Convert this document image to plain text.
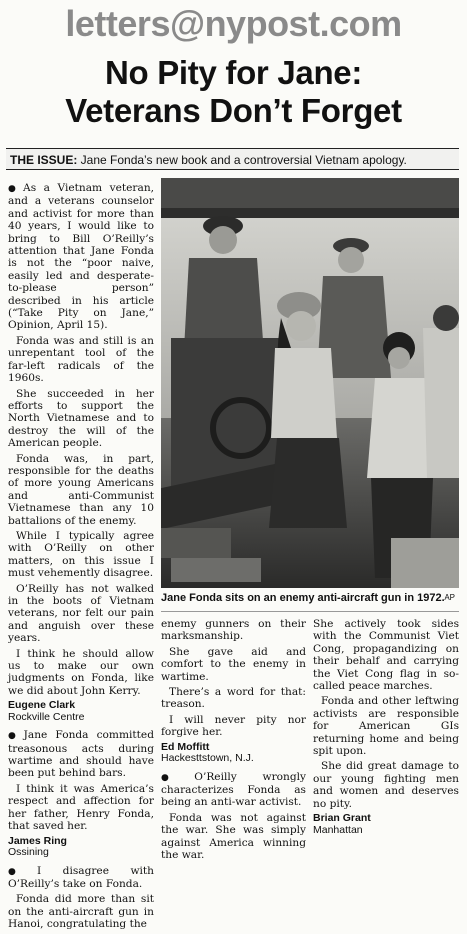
letters@nypost.com
No Pity for Jane:
Veterans Don’t Forget
THE ISSUE: Jane Fonda’s new book and a controversial Vietnam apology.

● As a Vietnam veteran, and a veterans counselor and activist for more than 40 years, I would like to bring to Bill O’Reilly’s attention that Jane Fonda is not the “poor naive, easily led and desperate-to-please person” described in his article (“Take Pity on Jane,” Opinion, April 15).

Fonda was and still is an unrepentant tool of the far-left radicals of the 1960s.

She succeeded in her efforts to support the North Vietnamese and to destroy the will of the American people.

Fonda was, in part, responsible for the deaths of more young Americans and anti-Communist Vietnamese than any 10 battalions of the enemy.

While I typically agree with O’Reilly on other matters, on this issue I must vehemently disagree.

O’Reilly has not walked in the boots of Vietnam veterans, nor felt our pain and anguish over these years.

I think he should allow us to make our own judgments on Fonda, like we did about John Kerry.

Eugene Clark
Rockville Centre

● Jane Fonda committed treasonous acts during wartime and should have been put behind bars.

I think it was America’s respect and affection for her father, Henry Fonda, that saved her.

James Ring
Ossining

● I disagree with O’Reilly’s take on Fonda.

Fonda did more than sit on the anti-aircraft gun in Hanoi, congratulating the

Jane Fonda sits on an enemy anti-aircraft gun in 1972. AP

enemy gunners on their marksmanship.

She gave aid and comfort to the enemy in wartime.

There’s a word for that: treason.

I will never pity nor forgive her.

Ed Moffitt
Hackesttstown, N.J.

● O’Reilly wrongly characterizes Fonda as being an anti-war activist.

Fonda was not against the war. She was simply against America winning the war.

She actively took sides with the Communist Viet Cong, propagandizing on their behalf and carrying the Viet Cong flag in so-called peace marches.

Fonda and other leftwing activists are responsible for American GIs returning home and being spit upon.

She did great damage to our young fighting men and women and deserves no pity.

Brian Grant
Manhattan
